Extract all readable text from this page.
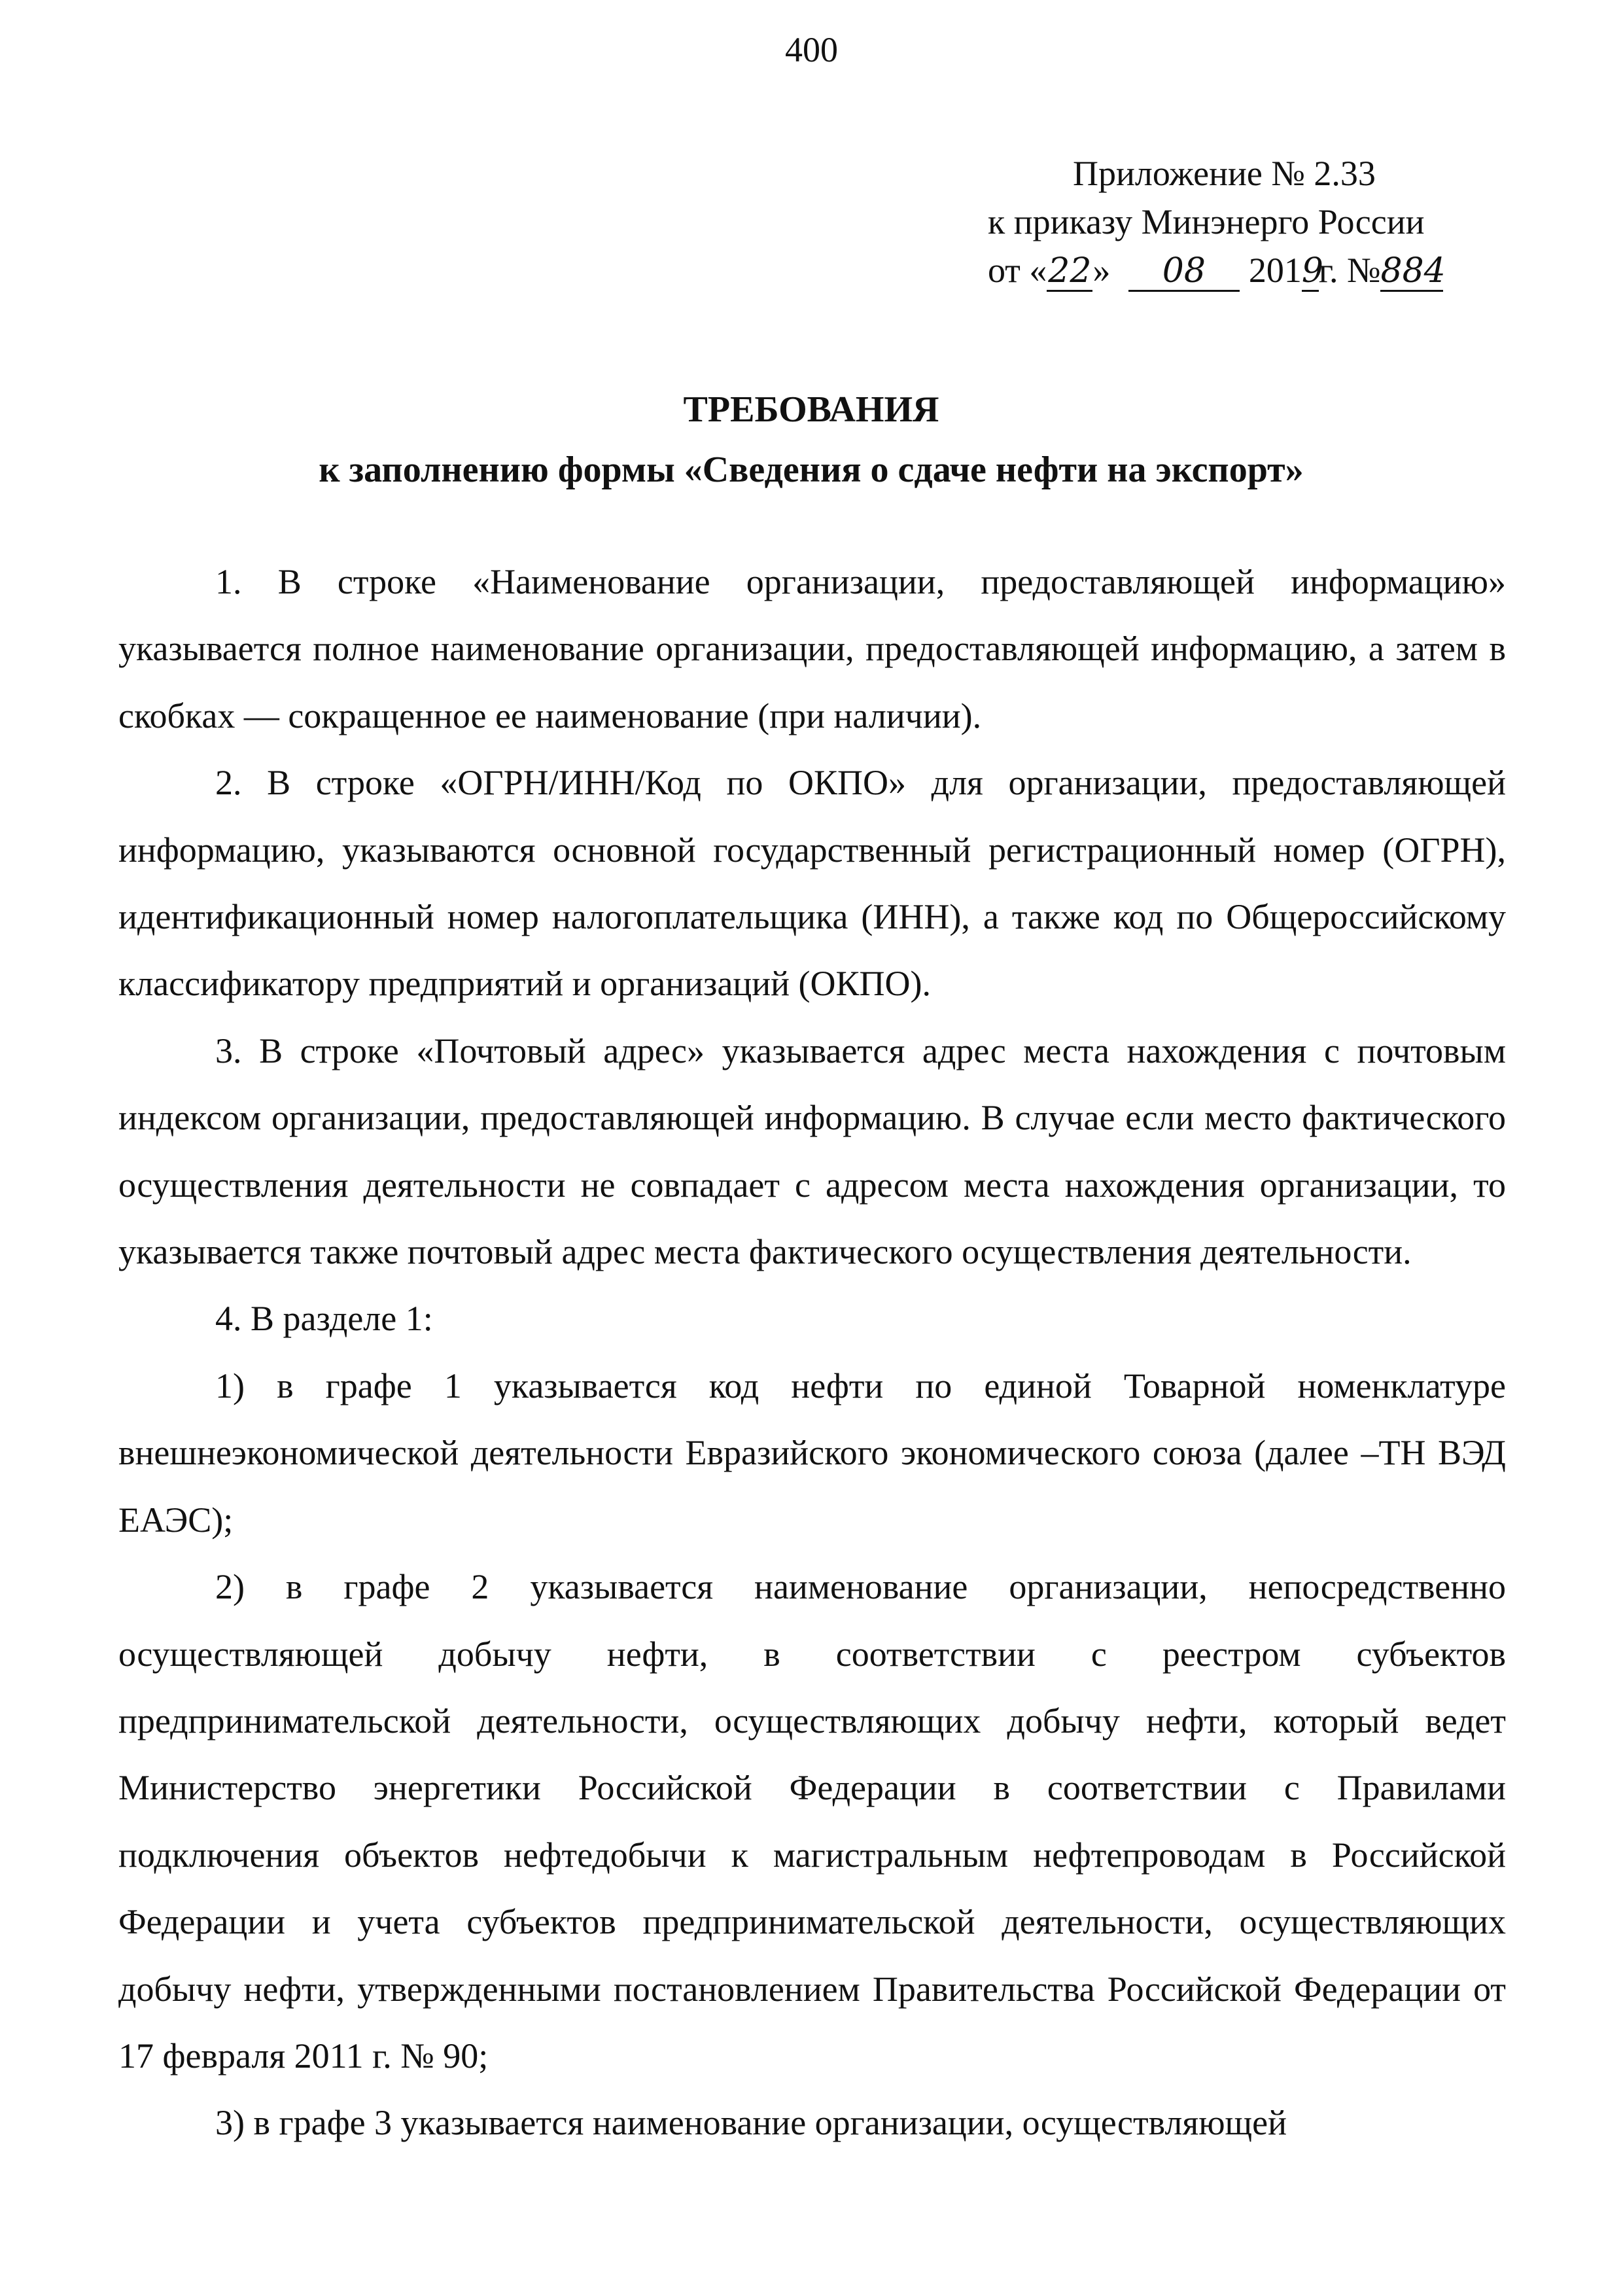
400
Приложение № 2.33
к приказу Минэнерго России
от «22» 08 2019г. №884
ТРЕБОВАНИЯ
к заполнению формы «Сведения о сдаче нефти на экспорт»

1. В строке «Наименование организации, предоставляющей информацию» указывается полное наименование организации, предоставляющей информацию, а затем в скобках — сокращенное ее наименование (при наличии).

2. В строке «ОГРН/ИНН/Код по ОКПО» для организации, предоставляющей информацию, указываются основной государственный регистрационный номер (ОГРН), идентификационный номер налогоплательщика (ИНН), а также код по Общероссийскому классификатору предприятий и организаций (ОКПО).

3. В строке «Почтовый адрес» указывается адрес места нахождения с почтовым индексом организации, предоставляющей информацию. В случае если место фактического осуществления деятельности не совпадает с адресом места нахождения организации, то указывается также почтовый адрес места фактического осуществления деятельности.

4. В разделе 1:

1) в графе 1 указывается код нефти по единой Товарной номенклатуре внешнеэкономической деятельности Евразийского экономического союза (далее –ТН ВЭД ЕАЭС);

2) в графе 2 указывается наименование организации, непосредственно осуществляющей добычу нефти, в соответствии с реестром субъектов предпринимательской деятельности, осуществляющих добычу нефти, который ведет Министерство энергетики Российской Федерации в соответствии с Правилами подключения объектов нефтедобычи к магистральным нефтепроводам в Российской Федерации и учета субъектов предпринимательской деятельности, осуществляющих добычу нефти, утвержденными постановлением Правительства Российской Федерации от 17 февраля 2011 г. № 90;

3) в графе 3 указывается наименование организации, осуществляющей
